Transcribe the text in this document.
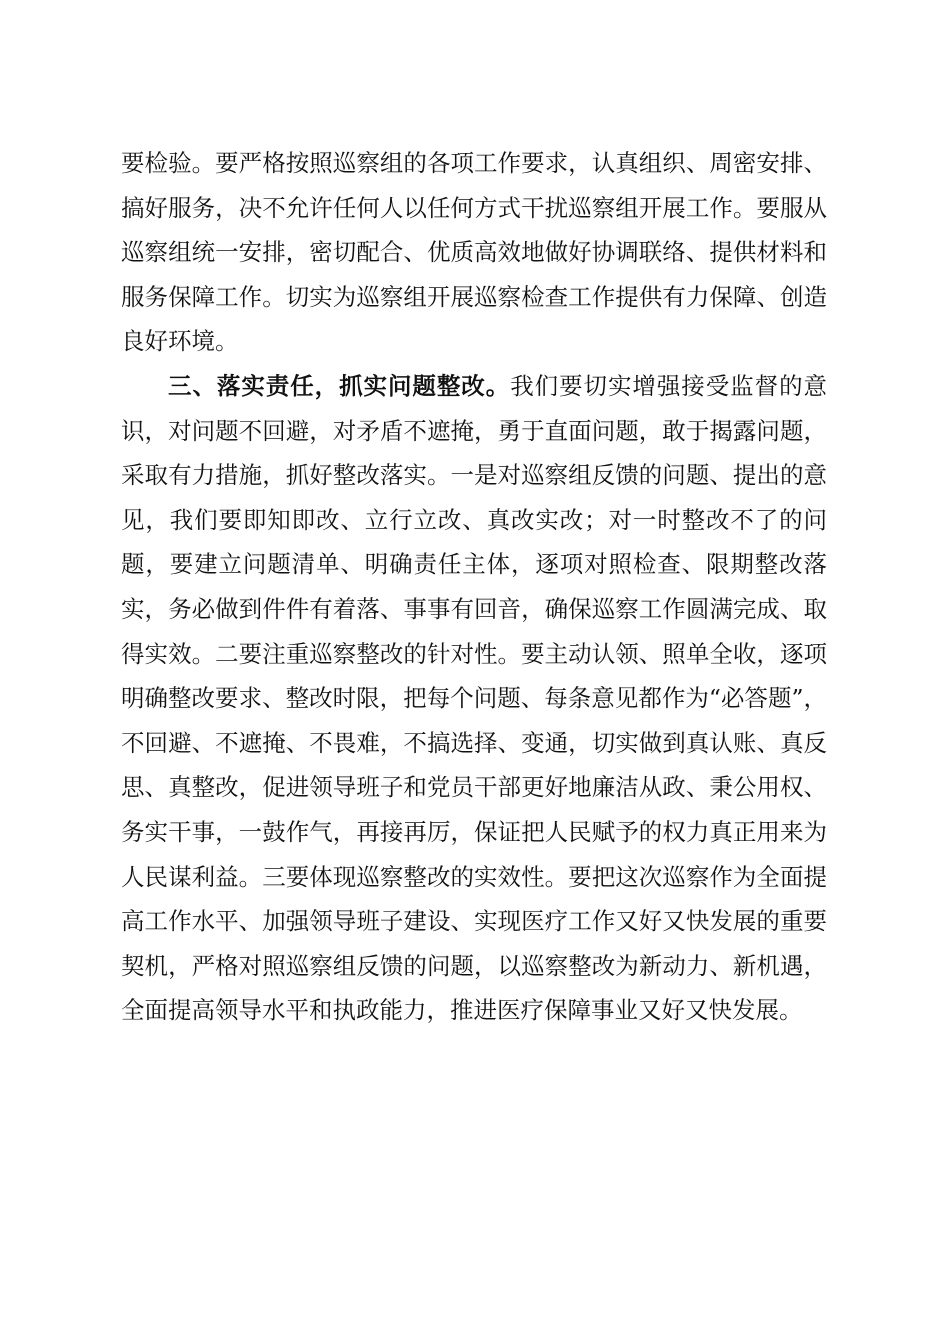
要检验。要严格按照巡察组的各项工作要求，认真组织、周密安排、搞好服务，决不允许任何人以任何方式干扰巡察组开展工作。要服从巡察组统一安排，密切配合、优质高效地做好协调联络、提供材料和服务保障工作。切实为巡察组开展巡察检查工作提供有力保障、创造良好环境。

三、落实责任，抓实问题整改。我们要切实增强接受监督的意识，对问题不回避，对矛盾不遮掩，勇于直面问题，敢于揭露问题，采取有力措施，抓好整改落实。一是对巡察组反馈的问题、提出的意见，我们要即知即改、立行立改、真改实改；对一时整改不了的问题，要建立问题清单、明确责任主体，逐项对照检查、限期整改落实，务必做到件件有着落、事事有回音，确保巡察工作圆满完成、取得实效。二要注重巡察整改的针对性。要主动认领、照单全收，逐项明确整改要求、整改时限，把每个问题、每条意见都作为“必答题”，不回避、不遮掩、不畏难，不搞选择、变通，切实做到真认账、真反思、真整改，促进领导班子和党员干部更好地廉洁从政、秉公用权、务实干事，一鼓作气，再接再厉，保证把人民赋予的权力真正用来为人民谋利益。三要体现巡察整改的实效性。要把这次巡察作为全面提高工作水平、加强领导班子建设、实现医疗工作又好又快发展的重要契机，严格对照巡察组反馈的问题，以巡察整改为新动力、新机遇，全面提高领导水平和执政能力，推进医疗保障事业又好又快发展。
